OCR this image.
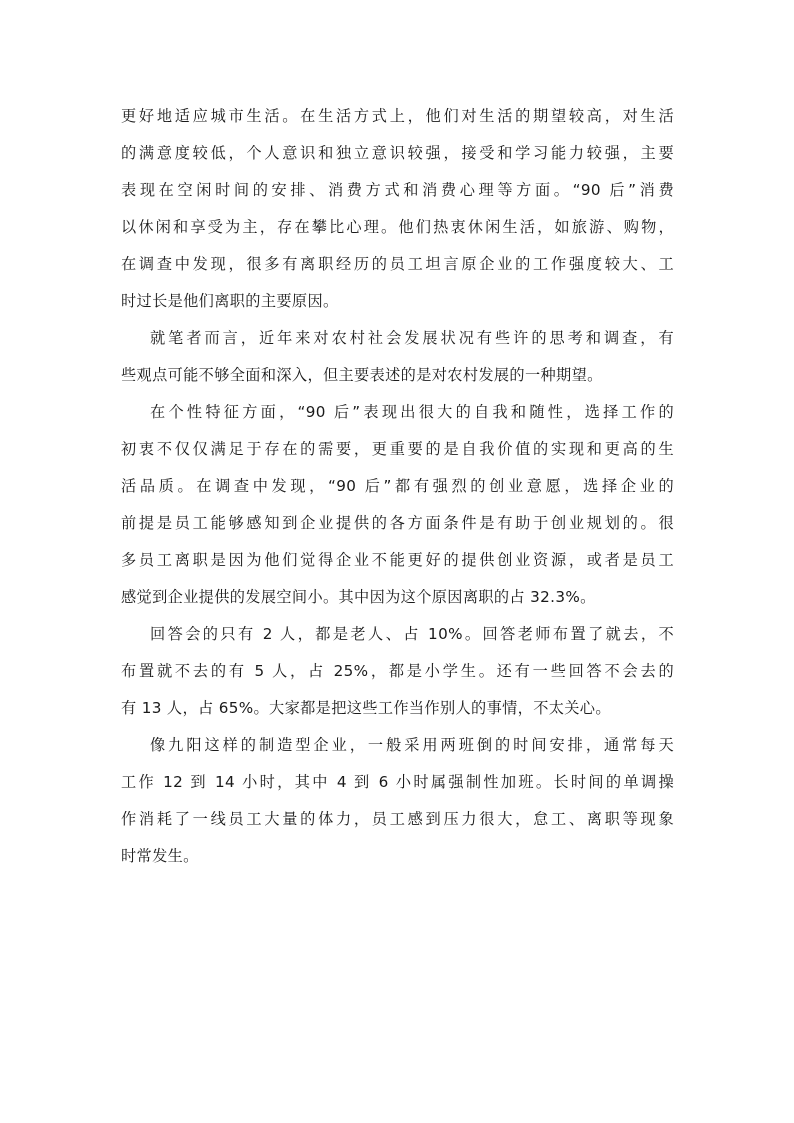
更好地适应城市生活。在生活方式上，他们对生活的期望较高，对生活
的满意度较低，个人意识和独立意识较强，接受和学习能力较强，主要
表现在空闲时间的安排、消费方式和消费心理等方面。“90 后”消费
以休闲和享受为主，存在攀比心理。他们热衷休闲生活，如旅游、购物，
在调查中发现，很多有离职经历的员工坦言原企业的工作强度较大、工
时过长是他们离职的主要原因。
就笔者而言，近年来对农村社会发展状况有些许的思考和调查，有
些观点可能不够全面和深入，但主要表述的是对农村发展的一种期望。
在个性特征方面，“90 后”表现出很大的自我和随性，选择工作的
初衷不仅仅满足于存在的需要，更重要的是自我价值的实现和更高的生
活品质。在调查中发现，“90 后”都有强烈的创业意愿，选择企业的
前提是员工能够感知到企业提供的各方面条件是有助于创业规划的。很
多员工离职是因为他们觉得企业不能更好的提供创业资源，或者是员工
感觉到企业提供的发展空间小。其中因为这个原因离职的占 32.3%。
回答会的只有 2 人，都是老人、占 10%。回答老师布置了就去，不
布置就不去的有 5 人，占 25%，都是小学生。还有一些回答不会去的
有 13 人，占 65%。大家都是把这些工作当作别人的事情，不太关心。
像九阳这样的制造型企业，一般采用两班倒的时间安排，通常每天
工作 12 到 14 小时，其中 4 到 6 小时属强制性加班。长时间的单调操
作消耗了一线员工大量的体力，员工感到压力很大，怠工、离职等现象
时常发生。
